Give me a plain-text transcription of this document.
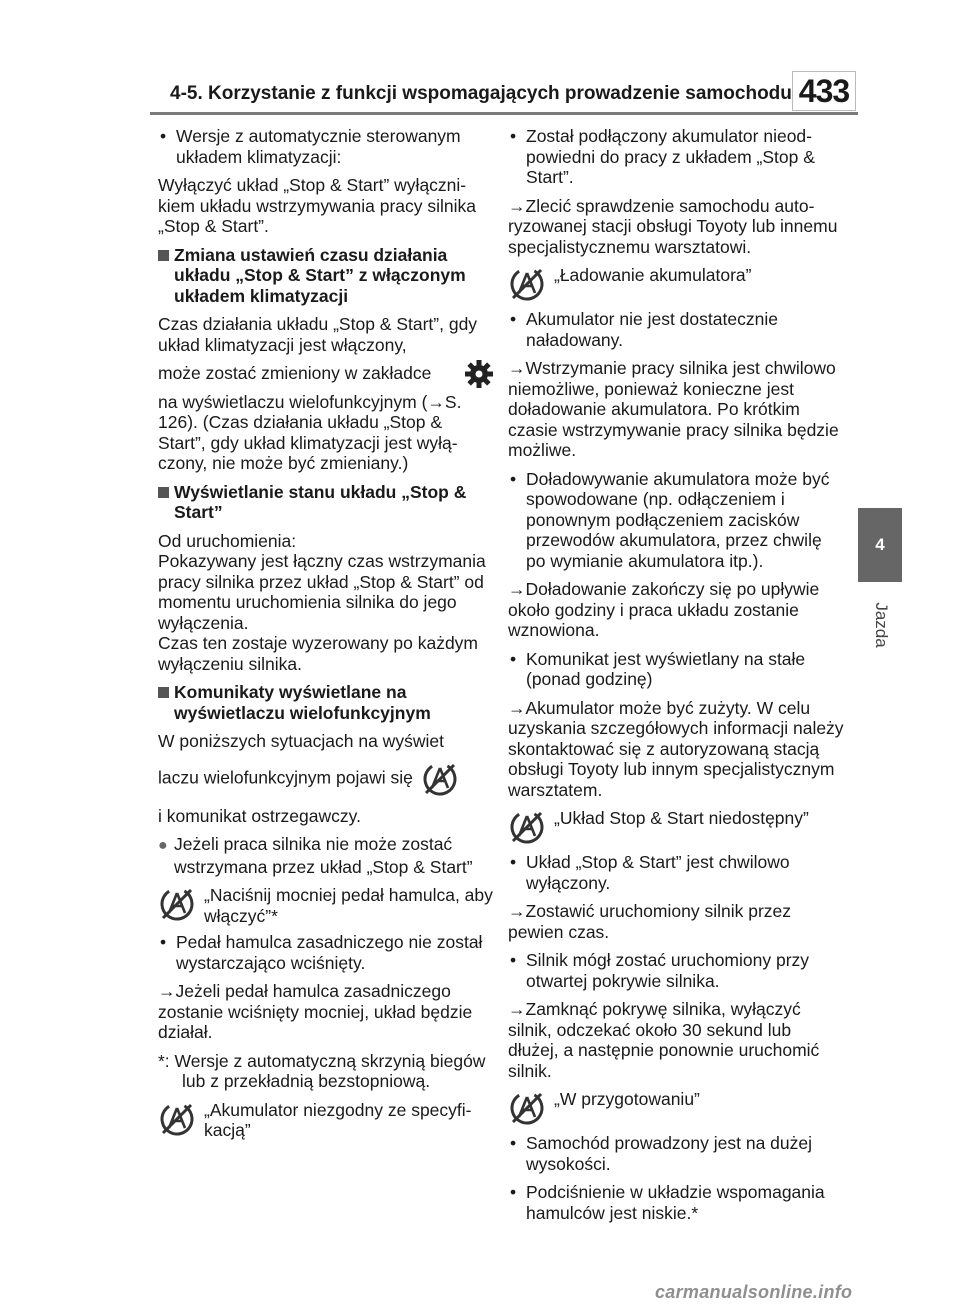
4-5. Korzystanie z funkcji wspomagających prowadzenie samochodu 433
4
Jazda
• Wersje z automatycznie sterowanym układem klimatyzacji:

Wyłączyć układ „Stop & Start” wyłącznikiem układu wstrzymywania pracy silnika „Stop & Start”.

Zmiana ustawień czasu działania układu „Stop & Start” z włączonym układem klimatyzacji

Czas działania układu „Stop & Start”, gdy układ klimatyzacji jest włączony,

może zostać zmieniony w zakładce

na wyświetlaczu wielofunkcyjnym (→S. 126). (Czas działania układu „Stop & Start”, gdy układ klimatyzacji jest wyłączony, nie może być zmieniany.)

Wyświetlanie stanu układu „Stop & Start”

Od uruchomienia:
Pokazywany jest łączny czas wstrzymania pracy silnika przez układ „Stop & Start” od momentu uruchomienia silnika do jego wyłączenia.
Czas ten zostaje wyzerowany po każdym wyłączeniu silnika.

Komunikaty wyświetlane na wyświetlaczu wielofunkcyjnym

W poniższych sytuacjach na wyświet

laczu wielofunkcyjnym pojawi się

i komunikat ostrzegawczy.

● Jeżeli praca silnika nie może zostać wstrzymana przez układ „Stop & Start”
„Naciśnij mocniej pedał hamulca, aby włączyć”*
• Pedał hamulca zasadniczego nie został wystarczająco wciśnięty.

→Jeżeli pedał hamulca zasadniczego zostanie wciśnięty mocniej, układ będzie działał.

*: Wersje z automatyczną skrzynią biegów lub z przekładnią bezstopniową.
„Akumulator niezgodny ze specyfikacją”
• Został podłączony akumulator nieodpowiedni do pracy z układem „Stop & Start”.

→Zlecić sprawdzenie samochodu autoryzowanej stacji obsługi Toyoty lub innemu specjalistycznemu warsztatowi.

„Ładowanie akumulatora”
• Akumulator nie jest dostatecznie naładowany.

→Wstrzymanie pracy silnika jest chwilowo niemożliwe, ponieważ konieczne jest doładowanie akumulatora. Po krótkim czasie wstrzymywanie pracy silnika będzie możliwe.

• Doładowywanie akumulatora może być spowodowane (np. odłączeniem i ponownym podłączeniem zacisków przewodów akumulatora, przez chwilę po wymianie akumulatora itp.).

→Doładowanie zakończy się po upływie około godziny i praca układu zostanie wznowiona.

• Komunikat jest wyświetlany na stałe (ponad godzinę)

→Akumulator może być zużyty. W celu uzyskania szczegółowych informacji należy skontaktować się z autoryzowaną stacją obsługi Toyoty lub innym specjalistycznym warsztatem.

„Układ Stop & Start niedostępny”
• Układ „Stop & Start” jest chwilowo wyłączony.

→Zostawić uruchomiony silnik przez pewien czas.

• Silnik mógł zostać uruchomiony przy otwartej pokrywie silnika.

→Zamknąć pokrywę silnika, wyłączyć silnik, odczekać około 30 sekund lub dłużej, a następnie ponownie uruchomić silnik.

„W przygotowaniu”
• Samochód prowadzony jest na dużej wysokości.
• Podciśnienie w układzie wspomagania hamulców jest niskie.*
carmanualsonline.info
